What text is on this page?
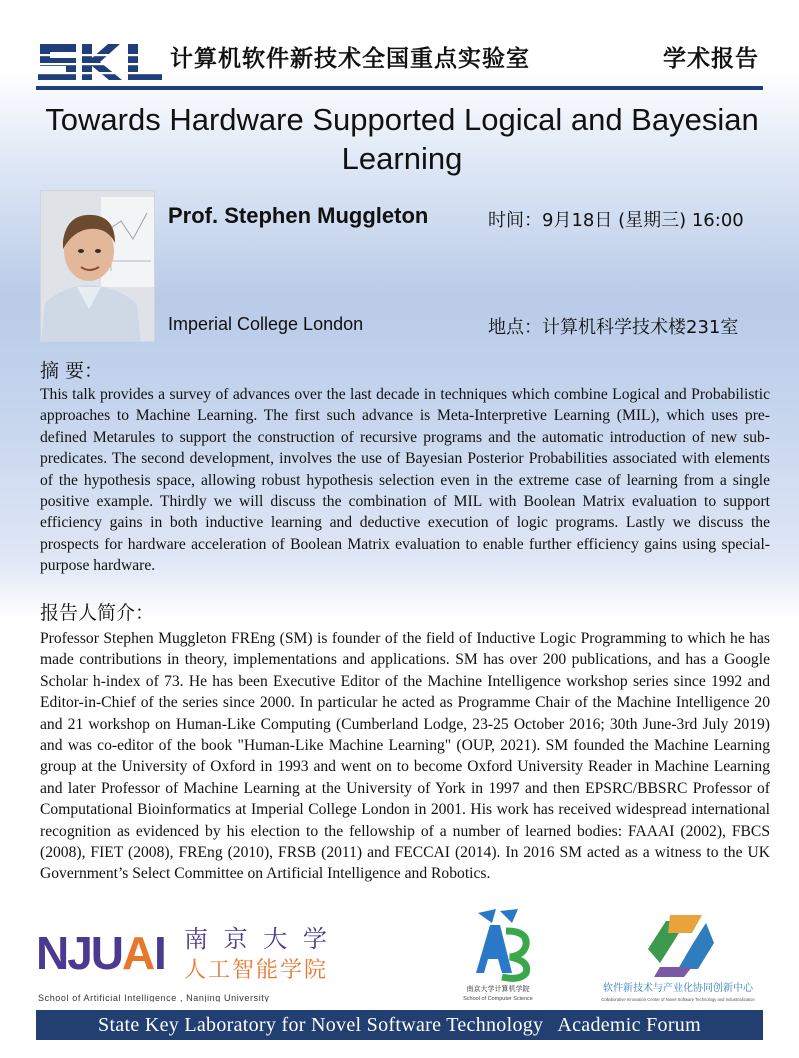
计算机软件新技术全国重点实验室	学术报告
Towards Hardware Supported Logical and Bayesian Learning
Prof. Stephen Muggleton	时间：9月18日 (星期三) 16:00
Imperial College London	地点：计算机科学技术楼231室
摘 要：
This talk provides a survey of advances over the last decade in techniques which combine Logical and Probabilistic approaches to Machine Learning. The first such advance is Meta-Interpretive Learning (MIL), which uses pre-defined Metarules to support the construction of recursive programs and the automatic introduction of new sub-predicates. The second development, involves the use of Bayesian Posterior Probabilities associated with elements of the hypothesis space, allowing robust hypothesis selection even in the extreme case of learning from a single positive example. Thirdly we will discuss the combination of MIL with Boolean Matrix evaluation to support efficiency gains in both inductive learning and deductive execution of logic programs. Lastly we discuss the prospects for hardware acceleration of Boolean Matrix evaluation to enable further efficiency gains using special-purpose hardware.
报告人简介：
Professor Stephen Muggleton FREng (SM) is founder of the field of Inductive Logic Programming to which he has made contributions in theory, implementations and applications. SM has over 200 publications, and has a Google Scholar h-index of 73. He has been Executive Editor of the Machine Intelligence workshop series since 1992 and Editor-in-Chief of the series since 2000. In particular he acted as Programme Chair of the Machine Intelligence 20 and 21 workshop on Human-Like Computing (Cumberland Lodge, 23-25 October 2016; 30th June-3rd July 2019) and was co-editor of the book "Human-Like Machine Learning" (OUP, 2021). SM founded the Machine Learning group at the University of Oxford in 1993 and went on to become Oxford University Reader in Machine Learning and later Professor of Machine Learning at the University of York in 1997 and then EPSRC/BBSRC Professor of Computational Bioinformatics at Imperial College London in 2001. His work has received widespread international recognition as evidenced by his election to the fellowship of a number of learned bodies: FAAAI (2002), FBCS (2008), FIET (2008), FREng (2010), FRSB (2011) and FECCAI (2014). In 2016 SM acted as a witness to the UK Government’s Select Committee on Artificial Intelligence and Robotics.
NJU A
I 南 京 大 学
人工智能学院
School of Artificial Intelligence , Nanjing University
南京大学计算机学院
School of Computer Science
软件新技术与产业化协同创新中心
Collaborative Innovation Center of Novel Software Technology and Industrialization
State Key Laboratory for Novel Software Technology Academic Forum
